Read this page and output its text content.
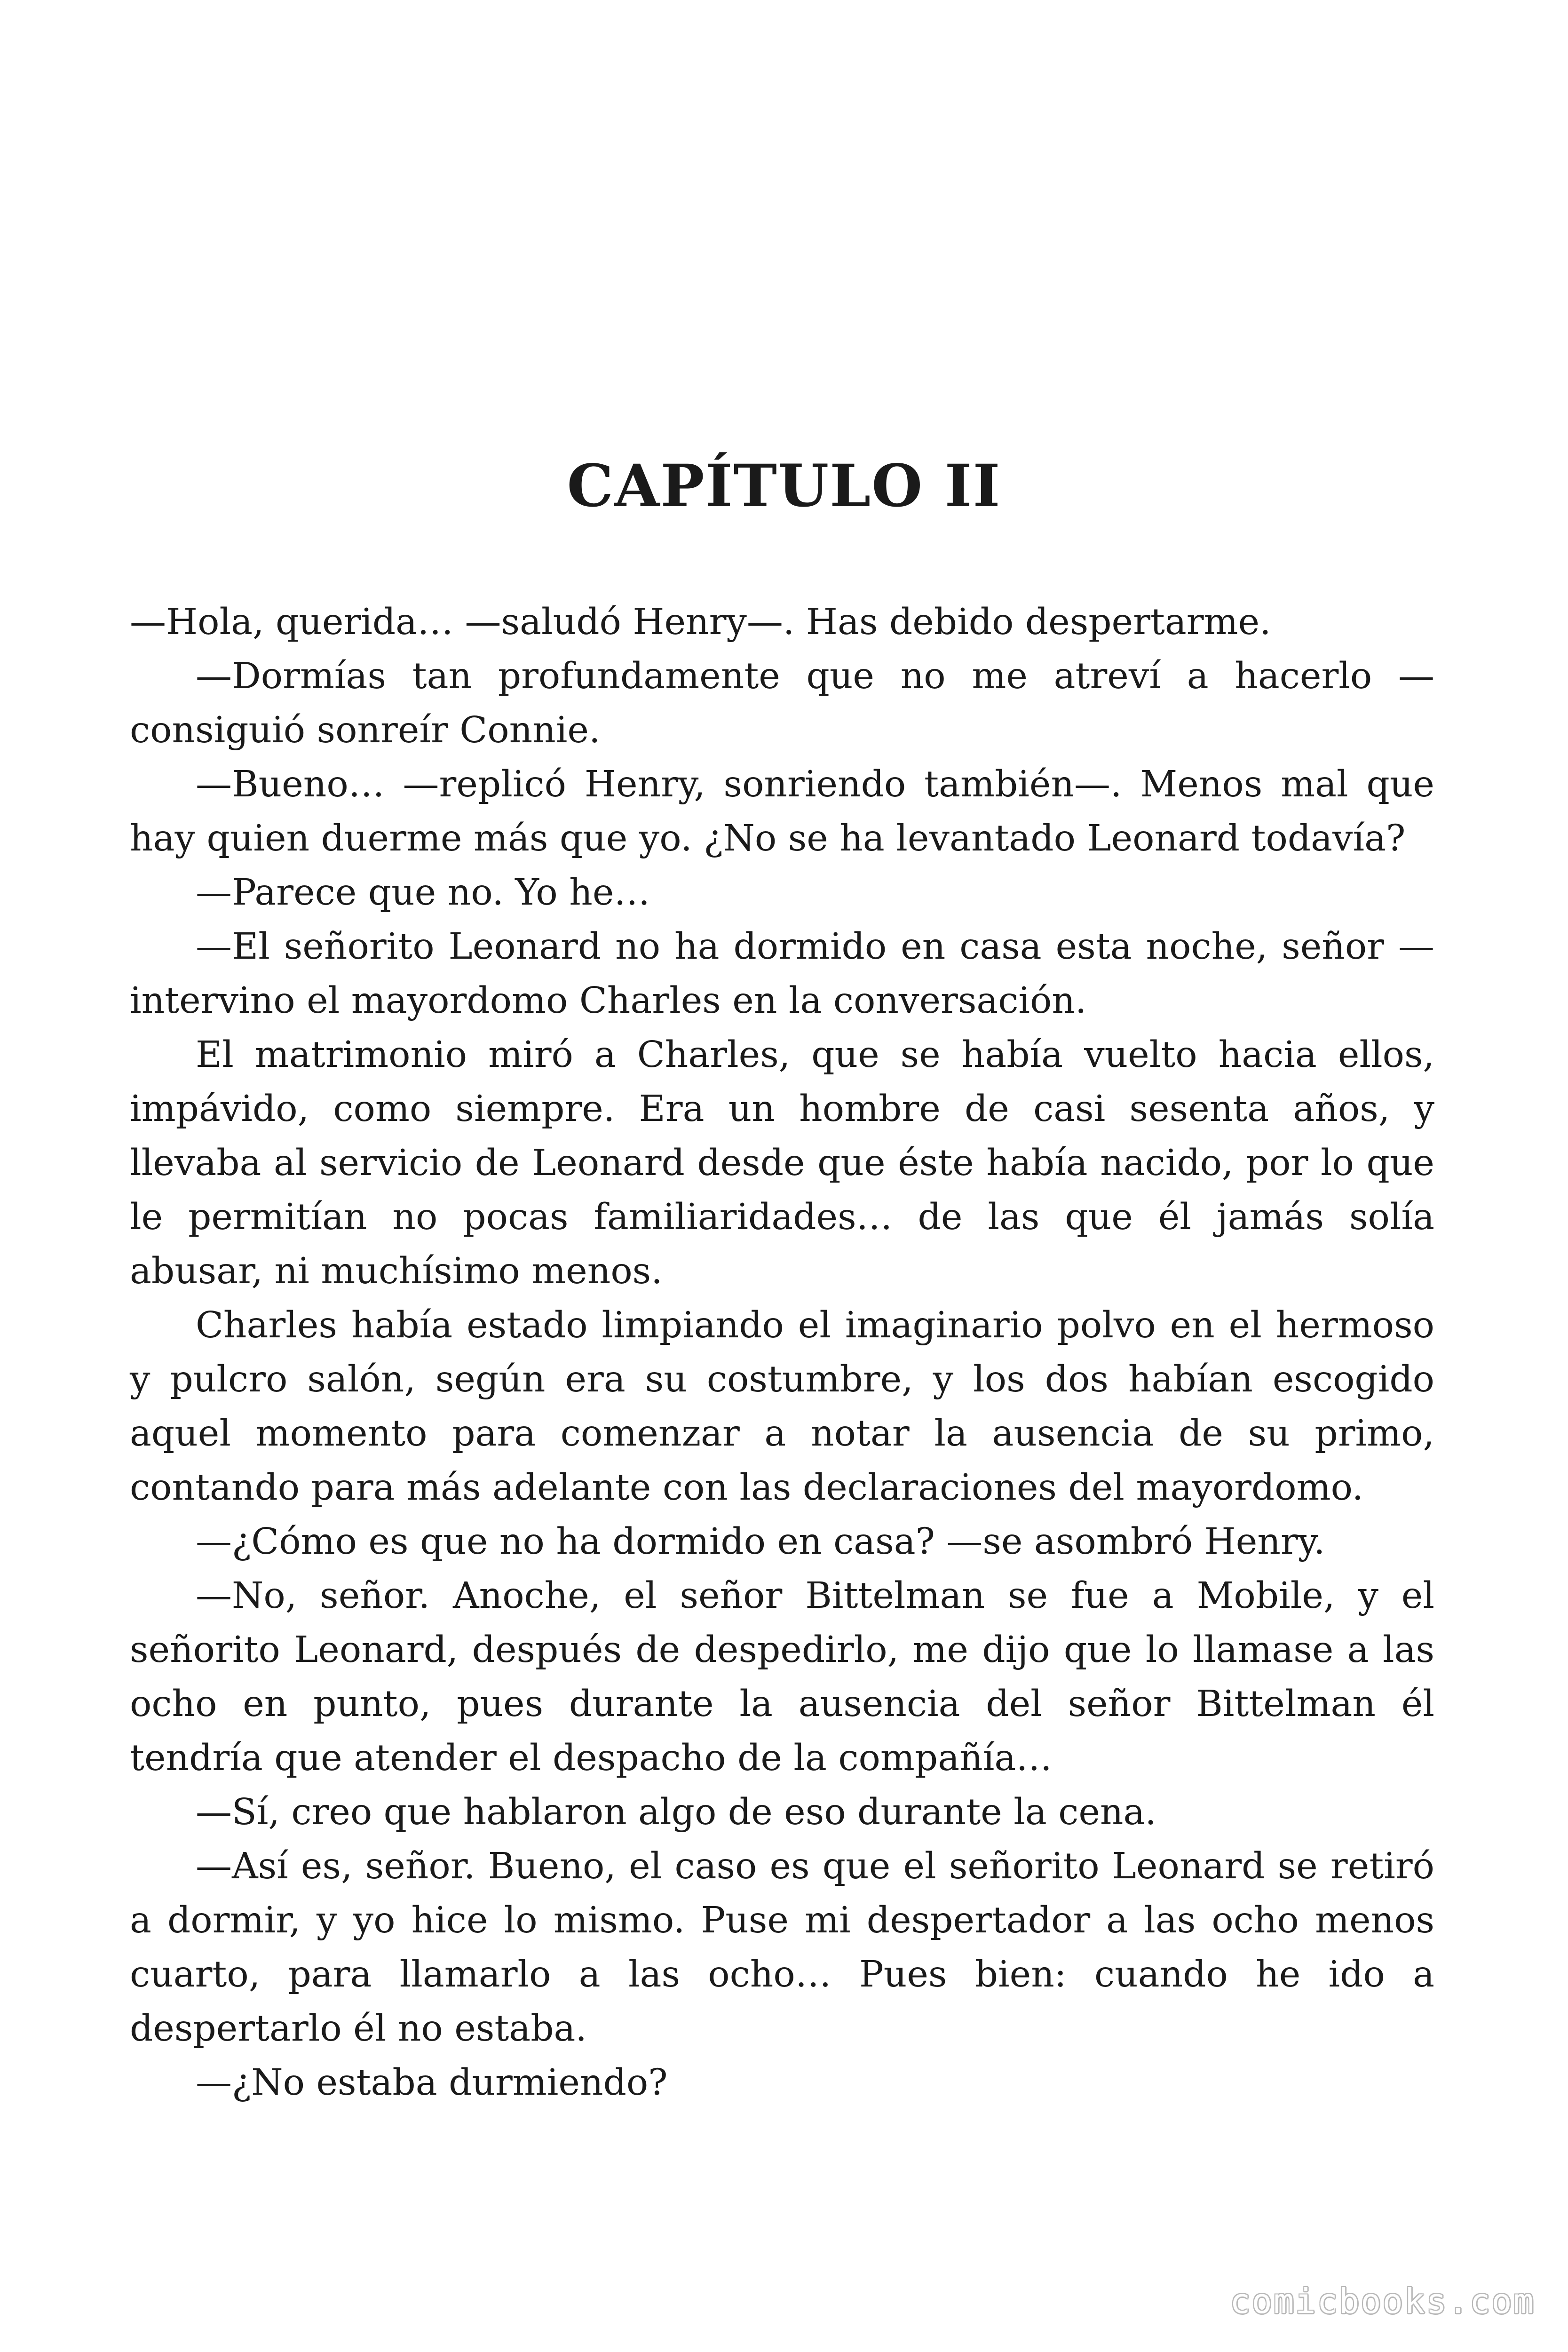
CAPÍTULO II

—Hola, querida… —saludó Henry—. Has debido despertarme.

—Dormías tan profundamente que no me atreví a hacerlo —consiguió sonreír Connie.

—Bueno… —replicó Henry, sonriendo también—. Menos mal que hay quien duerme más que yo. ¿No se ha levantado Leonard todavía?

—Parece que no. Yo he…

—El señorito Leonard no ha dormido en casa esta noche, señor —intervino el mayordomo Charles en la conversación.

El matrimonio miró a Charles, que se había vuelto hacia ellos, impávido, como siempre. Era un hombre de casi sesenta años, y llevaba al servicio de Leonard desde que éste había nacido, por lo que le permitían no pocas familiaridades… de las que él jamás solía abusar, ni muchísimo menos.

Charles había estado limpiando el imaginario polvo en el hermoso y pulcro salón, según era su costumbre, y los dos habían escogido aquel momento para comenzar a notar la ausencia de su primo, contando para más adelante con las declaraciones del mayordomo.

—¿Cómo es que no ha dormido en casa? —se asombró Henry.

—No, señor. Anoche, el señor Bittelman se fue a Mobile, y el señorito Leonard, después de despedirlo, me dijo que lo llamase a las ocho en punto, pues durante la ausencia del señor Bittelman él tendría que atender el despacho de la compañía…

—Sí, creo que hablaron algo de eso durante la cena.

—Así es, señor. Bueno, el caso es que el señorito Leonard se retiró a dormir, y yo hice lo mismo. Puse mi despertador a las ocho menos cuarto, para llamarlo a las ocho… Pues bien: cuando he ido a despertarlo él no estaba.

—¿No estaba durmiendo?

comicbooks.com
